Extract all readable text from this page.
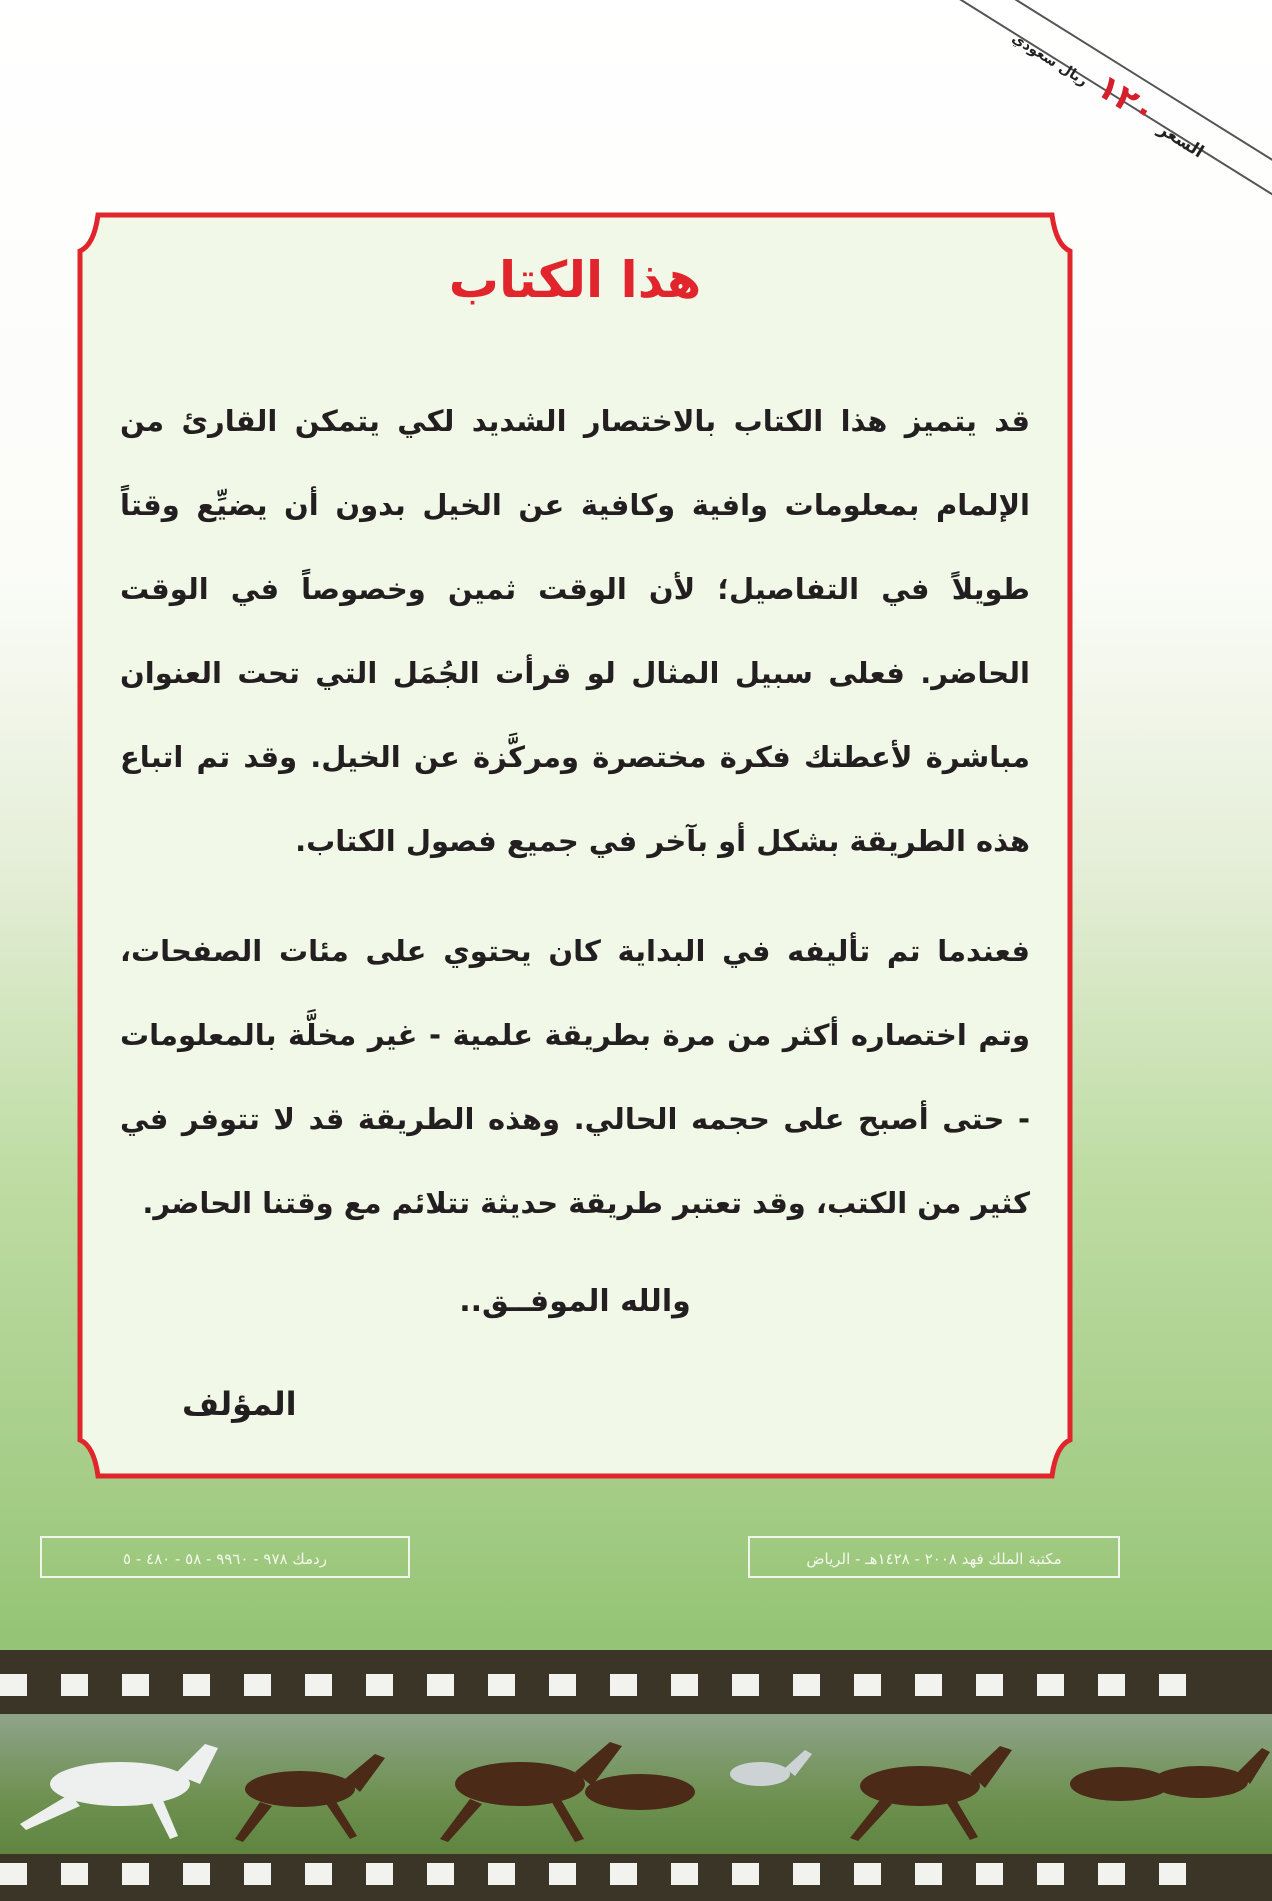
السعر ١٢٠ ريال سعودي
هذا الكتاب

قد يتميز هذا الكتاب بالاختصار الشديد لكي يتمكن القارئ من الإلمام بمعلومات وافية وكافية عن الخيل بدون أن يضيِّع وقتاً طويلاً في التفاصيل؛ لأن الوقت ثمين وخصوصاً في الوقت الحاضر. فعلى سبيل المثال لو قرأت الجُمَل التي تحت العنوان مباشرة لأعطتك فكرة مختصرة ومركَّزة عن الخيل. وقد تم اتباع هذه الطريقة بشكل أو بآخر في جميع فصول الكتاب.

فعندما تم تأليفه في البداية كان يحتوي على مئات الصفحات، وتم اختصاره أكثر من مرة بطريقة علمية - غير مخلَّة بالمعلومات - حتى أصبح على حجمه الحالي. وهذه الطريقة قد لا تتوفر في كثير من الكتب، وقد تعتبر طريقة حديثة تتلائم مع وقتنا الحاضر.

والله الموفــق..
المؤلف
ردمك ٩٧٨ - ٩٩٦٠ - ٥٨ - ٤٨٠ - ٥	مكتبة الملك فهد ٢٠٠٨ - ١٤٢٨هـ - الرياض
